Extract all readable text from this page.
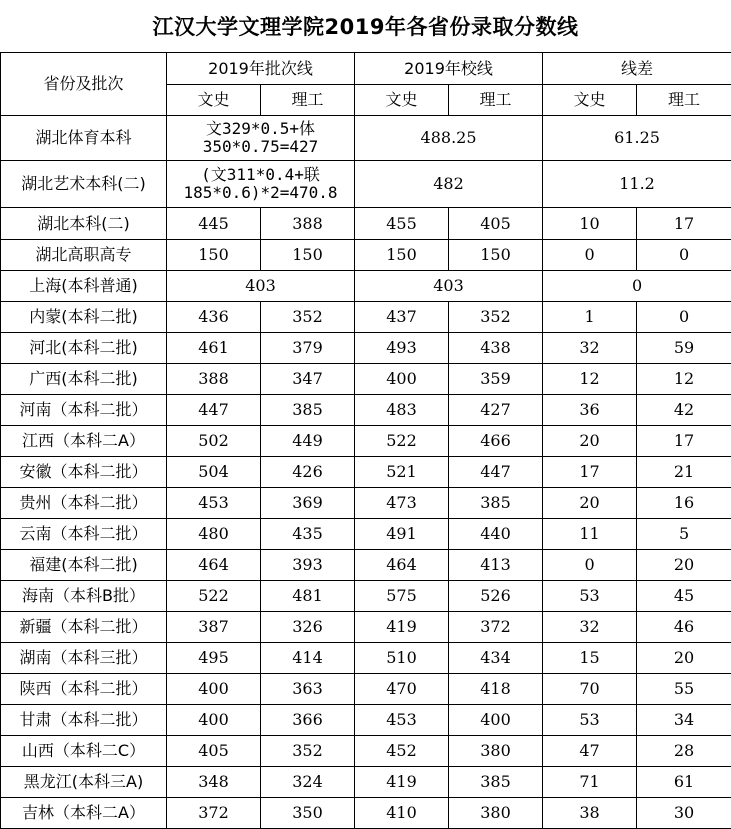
江汉大学文理学院2019年各省份录取分数线
省份及批次	2019年批次线		2019年校线		线差	
	文史	理工	文史	理工	文史	理工
湖北体育本科	文329*0.5+体
350*0.75=427		488.25		61.25	
湖北艺术本科(二)	(文311*0.4+联
185*0.6)*2=470.8		482		11.2	
湖北本科(二)	445	388	455	405	10	17
湖北高职高专	150	150	150	150	0	0
上海(本科普通)	403		403		0	
内蒙(本科二批)	436	352	437	352	1	0
河北(本科二批)	461	379	493	438	32	59
广西(本科二批)	388	347	400	359	12	12
河南（本科二批）	447	385	483	427	36	42
江西（本科二A）	502	449	522	466	20	17
安徽（本科二批）	504	426	521	447	17	21
贵州（本科二批）	453	369	473	385	20	16
云南（本科二批）	480	435	491	440	11	5
福建(本科二批)	464	393	464	413	0	20
海南（本科B批）	522	481	575	526	53	45
新疆（本科二批）	387	326	419	372	32	46
湖南（本科三批）	495	414	510	434	15	20
陕西（本科二批）	400	363	470	418	70	55
甘肃（本科二批）	400	366	453	400	53	34
山西（本科二C）	405	352	452	380	47	28
黑龙江(本科三A)	348	324	419	385	71	61
吉林（本科二A）	372	350	410	380	38	30
